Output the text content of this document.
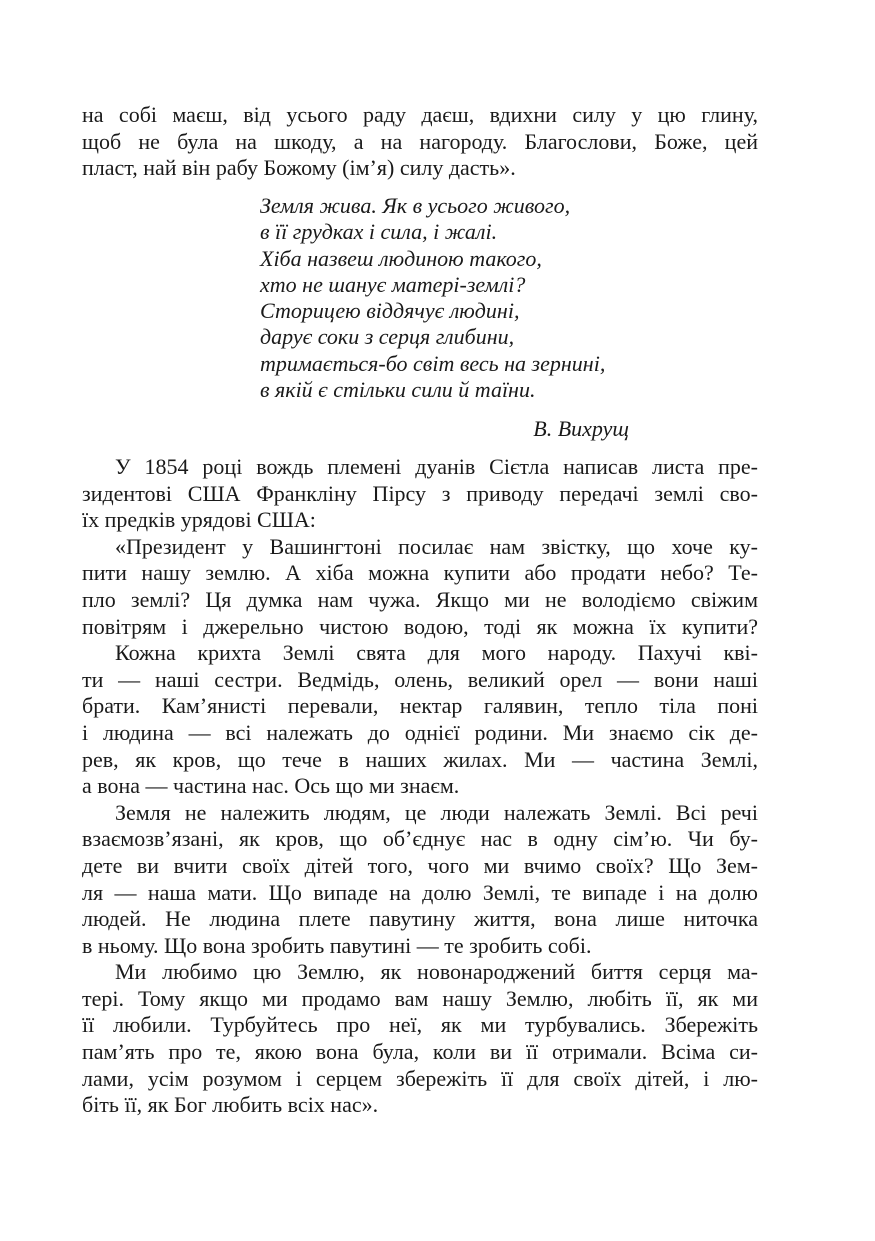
на собі маєш, від усього раду даєш, вдихни силу у цю глину,
щоб не була на шкоду, а на нагороду. Благослови, Боже, цей
пласт, най він рабу Божому (ім’я) силу дасть».
Земля жива. Як в усього живого,
в її грудках і сила, і жалі.
Хіба назвеш людиною такого,
хто не шанує матері-землі?
Сторицею віддячує людині,
дарує соки з серця глибини,
тримається-бо світ весь на зернині,
в якій є стільки сили й таїни.
В. Вихрущ
У 1854 році вождь племені дуанів Сієтла написав листа пре-
зидентові США Франкліну Пірсу з приводу передачі землі сво-
їх предків урядові США:
«Президент у Вашингтоні посилає нам звістку, що хоче ку-
пити нашу землю. А хіба можна купити або продати небо? Те-
пло землі? Ця думка нам чужа. Якщо ми не володіємо свіжим
повітрям і джерельно чистою водою, тоді як можна їх купити?
Кожна крихта Землі свята для мого народу. Пахучі кві-
ти — наші сестри. Ведмідь, олень, великий орел — вони наші
брати. Кам’янисті перевали, нектар галявин, тепло тіла поні
і людина — всі належать до однієї родини. Ми знаємо сік де-
рев, як кров, що тече в наших жилах. Ми — частина Землі,
а вона — частина нас. Ось що ми знаєм.
Земля не належить людям, це люди належать Землі. Всі речі
взаємозв’язані, як кров, що об’єднує нас в одну сім’ю. Чи бу-
дете ви вчити своїх дітей того, чого ми вчимо своїх? Що Зем-
ля — наша мати. Що випаде на долю Землі, те випаде і на долю
людей. Не людина плете павутину життя, вона лише ниточка
в ньому. Що вона зробить павутині — те зробить собі.
Ми любимо цю Землю, як новонароджений биття серця ма-
тері. Тому якщо ми продамо вам нашу Землю, любіть її, як ми
її любили. Турбуйтесь про неї, як ми турбувались. Збережіть
пам’ять про те, якою вона була, коли ви її отримали. Всіма си-
лами, усім розумом і серцем збережіть її для своїх дітей, і лю-
біть її, як Бог любить всіх нас».
